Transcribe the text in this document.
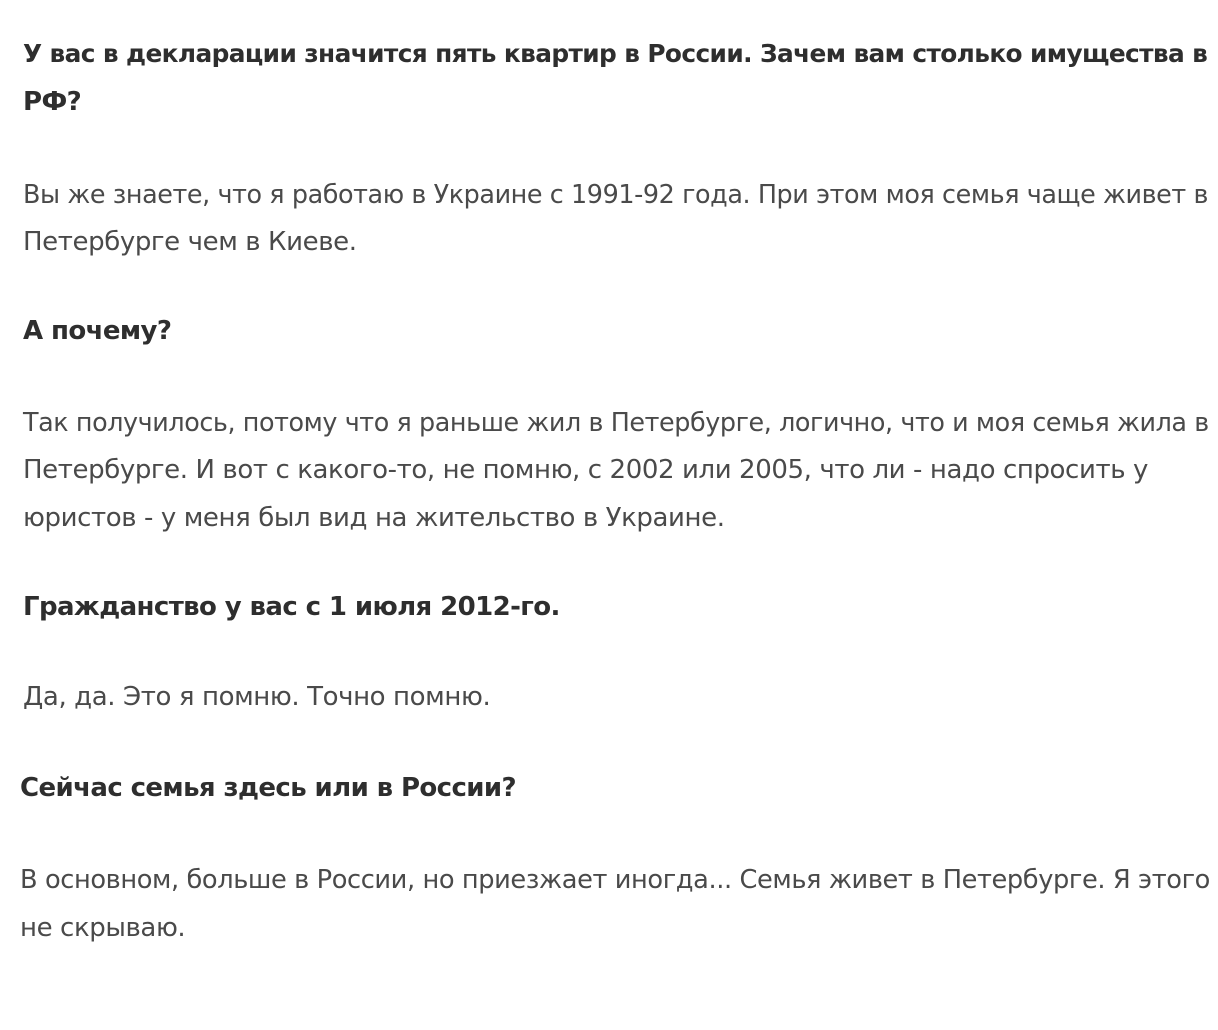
У вас в декларации значится пять квартир в России. Зачем вам столько имущества в
РФ?

Вы же знаете, что я работаю в Украине с 1991-92 года. При этом моя семья чаще живет в
Петербурге чем в Киеве.

А почему?

Так получилось, потому что я раньше жил в Петербурге, логично, что и моя семья жила в
Петербурге. И вот с какого-то, не помню, с 2002 или 2005, что ли - надо спросить у
юристов - у меня был вид на жительство в Украине.

Гражданство у вас с 1 июля 2012-го.

Да, да. Это я помню. Точно помню.

Сейчас семья здесь или в России?

В основном, больше в России, но приезжает иногда... Семья живет в Петербурге. Я этого
не скрываю.
